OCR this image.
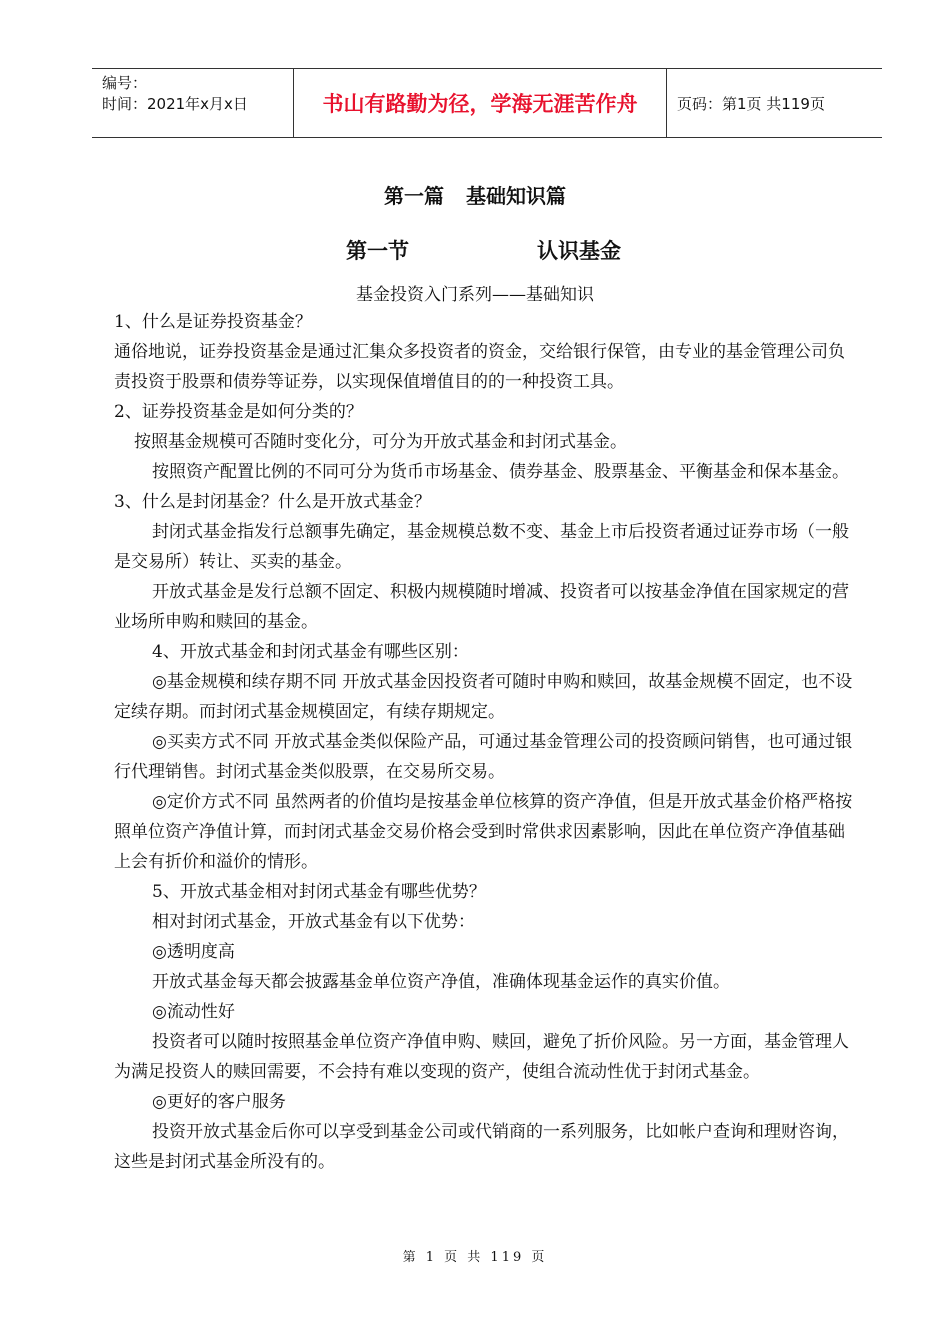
编号：
时间：2021年x月x日	书山有路勤为径，学海无涯苦作舟	页码：第1页 共119页
第一篇 基础知识篇
第一节	认识基金
基金投资入门系列——基础知识

1、什么是证券投资基金？

通俗地说，证券投资基金是通过汇集众多投资者的资金，交给银行保管，由专业的基金管理公司负责投资于股票和债券等证券，以实现保值增值目的的一种投资工具。

2、证券投资基金是如何分类的？

按照基金规模可否随时变化分，可分为开放式基金和封闭式基金。

按照资产配置比例的不同可分为货币市场基金、债券基金、股票基金、平衡基金和保本基金。

3、什么是封闭基金？什么是开放式基金？

封闭式基金指发行总额事先确定，基金规模总数不变、基金上市后投资者通过证券市场（一般是交易所）转让、买卖的基金。

开放式基金是发行总额不固定、积极内规模随时增减、投资者可以按基金净值在国家规定的营业场所申购和赎回的基金。

4、开放式基金和封闭式基金有哪些区别：

◎基金规模和续存期不同 开放式基金因投资者可随时申购和赎回，故基金规模不固定，也不设定续存期。而封闭式基金规模固定，有续存期规定。

◎买卖方式不同 开放式基金类似保险产品，可通过基金管理公司的投资顾问销售，也可通过银行代理销售。封闭式基金类似股票，在交易所交易。

◎定价方式不同 虽然两者的价值均是按基金单位核算的资产净值，但是开放式基金价格严格按照单位资产净值计算，而封闭式基金交易价格会受到时常供求因素影响，因此在单位资产净值基础上会有折价和溢价的情形。

5、开放式基金相对封闭式基金有哪些优势？

相对封闭式基金，开放式基金有以下优势：

◎透明度高

开放式基金每天都会披露基金单位资产净值，准确体现基金运作的真实价值。

◎流动性好

投资者可以随时按照基金单位资产净值申购、赎回，避免了折价风险。另一方面，基金管理人为满足投资人的赎回需要，不会持有难以变现的资产，使组合流动性优于封闭式基金。

◎更好的客户服务

投资开放式基金后你可以享受到基金公司或代销商的一系列服务，比如帐户查询和理财咨询，这些是封闭式基金所没有的。

第 1 页 共 119 页
